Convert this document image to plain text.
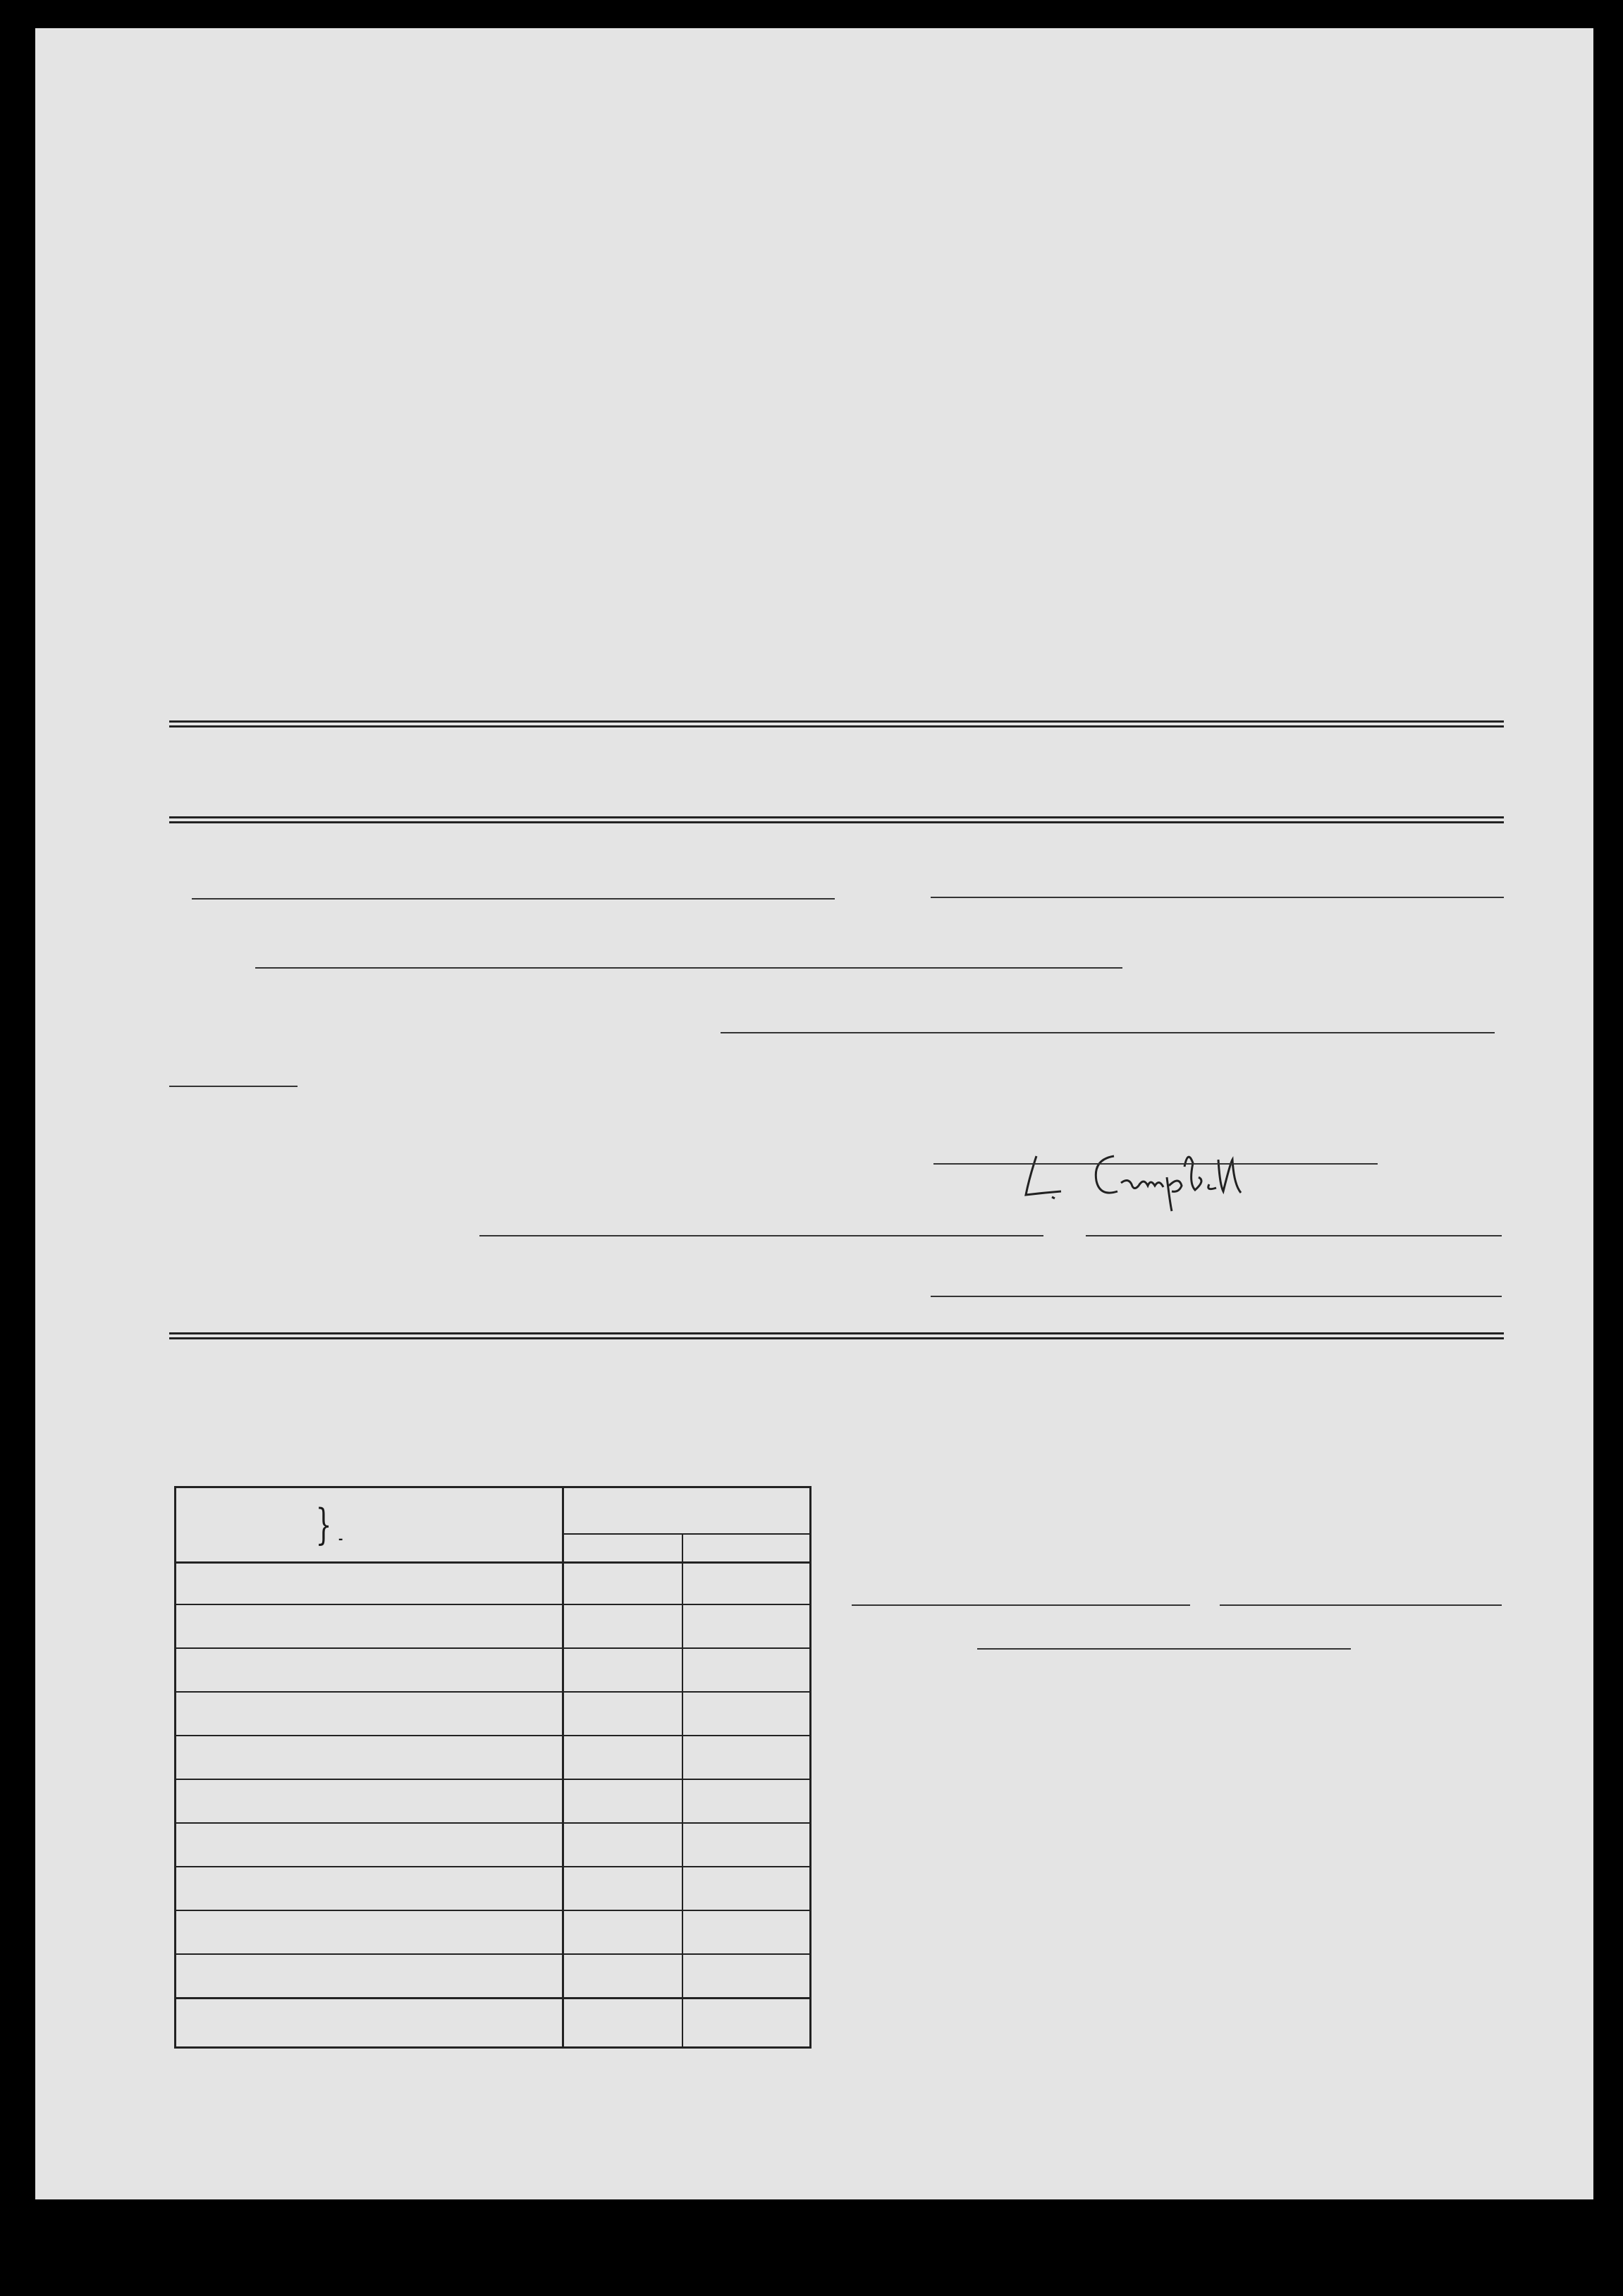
} -
